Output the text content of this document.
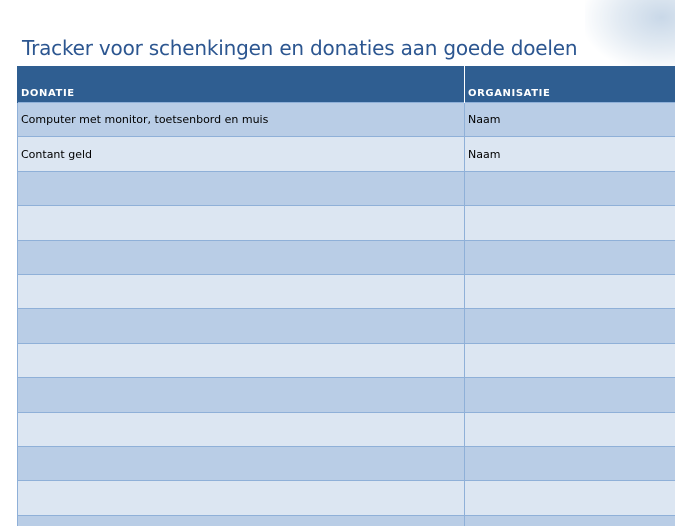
Tracker voor schenkingen en donaties aan goede doelen
DONATIE	ORGANISATIE
Computer met monitor, toetsenbord en muis	Naam
Contant geld	Naam
